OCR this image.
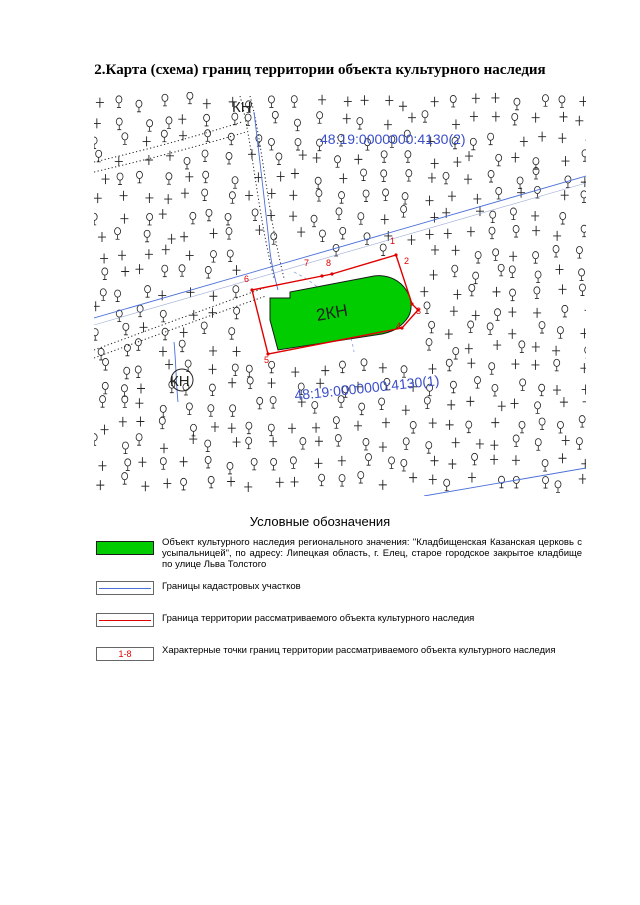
2.Карта (схема) границ территории объекта культурного наследия
1
2
3
4
5
6
7 8
2КН
48:19:0000000:4130(2)
48:19:0000000:4130(1)
КН
КН
Условные обозначения
Объект культурного наследия регионального значения: "Кладбищенская Казанская церковь с усыпальницей", по адресу: Липецкая область, г. Елец, старое городское закрытое кладбище по улице Льва Толстого
Границы кадастровых участков
Граница территории рассматриваемого объекта культурного наследия
1-8	Характерные точки границ территории рассматриваемого объекта культурного наследия
